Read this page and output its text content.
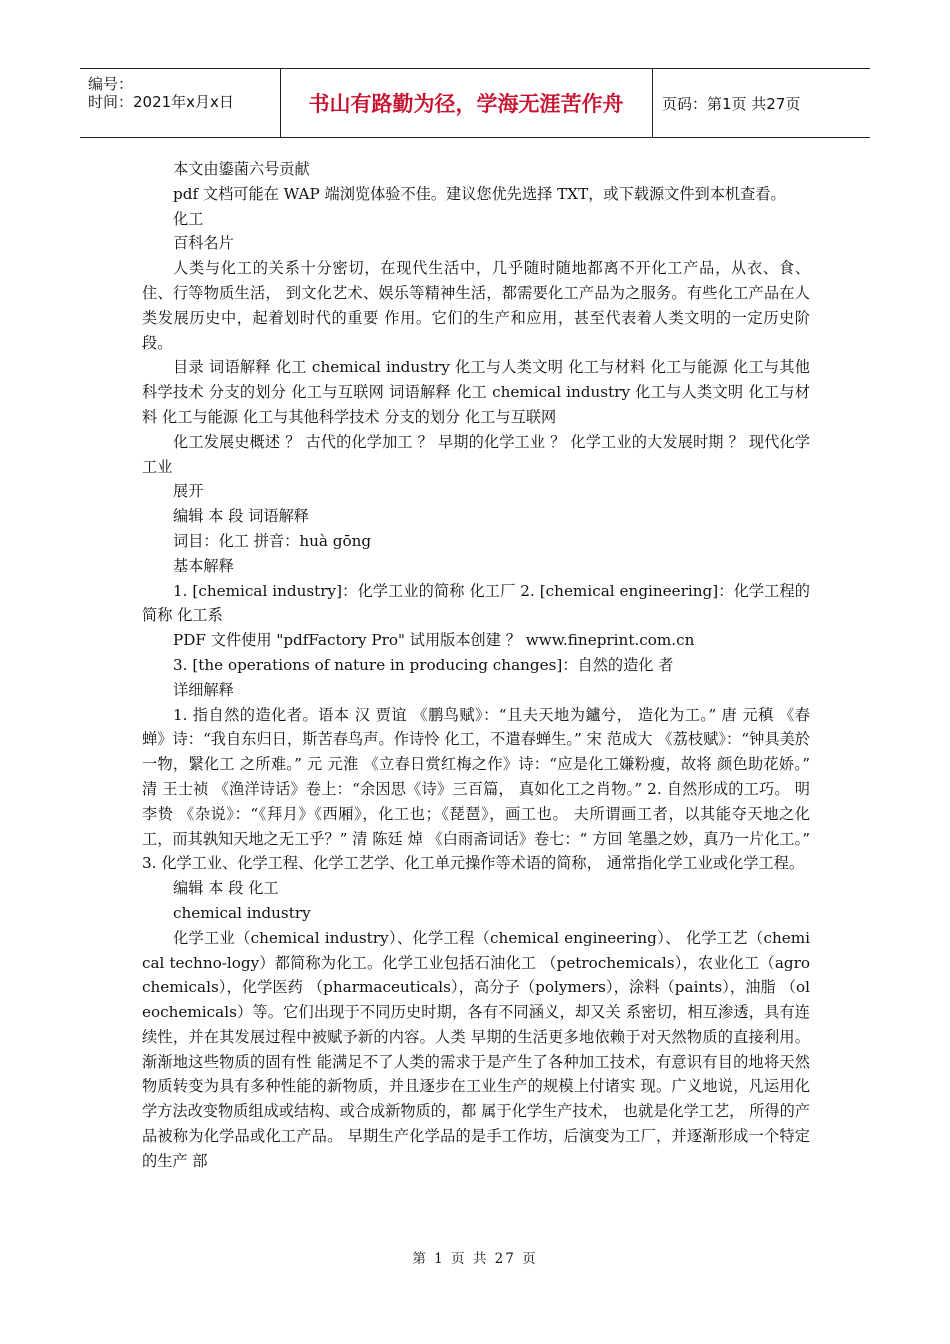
编号：
时间：2021年x月x日	书山有路勤为径，学海无涯苦作舟	页码：第1页 共27页

本文由鎏菌六号贡献

pdf 文档可能在 WAP 端浏览体验不佳。建议您优先选择 TXT，或下载源文件到本机查看。

化工

百科名片

人类与化工的关系十分密切，在现代生活中，几乎随时随地都离不开化工产品，从衣、食、住、行等物质生活， 到文化艺术、娱乐等精神生活，都需要化工产品为之服务。有些化工产品在人类发展历史中，起着划时代的重要 作用。它们的生产和应用，甚至代表着人类文明的一定历史阶段。

目录 词语解释 化工 chemical industry 化工与人类文明 化工与材料 化工与能源 化工与其他科学技术 分支的划分 化工与互联网 词语解释 化工 chemical industry 化工与人类文明 化工与材料 化工与能源 化工与其他科学技术 分支的划分 化工与互联网

化工发展史概述 ？ 古代的化学加工 ？ 早期的化学工业 ？ 化学工业的大发展时期 ？ 现代化学工业

展开

编辑 本 段 词语解释

词目：化工 拼音：huà gōng

基本解释

1. [chemical industry]：化学工业的简称 化工厂 2. [chemical engineering]：化学工程的简称 化工系

PDF 文件使用 "pdfFactory Pro" 试用版本创建 ？ www.fineprint.com.cn

3. [the operations of nature in producing changes]：自然的造化 者

详细解释

1. 指自然的造化者。语本 汉 贾谊 《鹏鸟赋》：“且夫天地为鑪兮， 造化为工。” 唐 元稹 《春蝉》诗：“我自东归日，斯苦春鸟声。作诗怜 化工，不遣春蝉生。” 宋 范成大 《荔枝赋》：“钟具美於一物，繄化工 之所难。” 元 元淮 《立春日赏红梅之作》诗：“应是化工嫌粉瘦，故将 颜色助花娇。” 清 王士祯 《渔洋诗话》卷上：“余因思《诗》三百篇， 真如化工之肖物。” 2. 自然形成的工巧。 明李贽 《杂说》：“《拜月》《西厢》，化工也；《琵琶》，画工也。 夫所谓画工者，以其能夺天地之化工，而其孰知天地之无工乎？” 清 陈廷 焯 《白雨斋词话》卷七：“ 方回 笔墨之妙，真乃一片化工。” 3. 化学工业、化学工程、化学工艺学、化工单元操作等术语的简称， 通常指化学工业或化学工程。

编辑 本 段 化工

chemical industry

化学工业（chemical industry）、化学工程（chemical engineering）、 化学工艺（chemical techno-logy）都简称为化工。化学工业包括石油化工 （petrochemicals），农业化工（agrochemicals），化学医药 （pharmaceuticals），高分子（polymers），涂料（paints），油脂 （oleochemicals）等。它们出现于不同历史时期，各有不同涵义，却又关 系密切，相互渗透，具有连续性，并在其发展过程中被赋予新的内容。人类 早期的生活更多地依赖于对天然物质的直接利用。渐渐地这些物质的固有性 能满足不了人类的需求于是产生了各种加工技术，有意识有目的地将天然 物质转变为具有多种性能的新物质，并且逐步在工业生产的规模上付诸实 现。广义地说，凡运用化学方法改变物质组成或结构、或合成新物质的，都 属于化学生产技术， 也就是化学工艺， 所得的产品被称为化学品或化工产品。 早期生产化学品的是手工作坊，后演变为工厂，并逐渐形成一个特定的生产 部

第 1 页 共 27 页
